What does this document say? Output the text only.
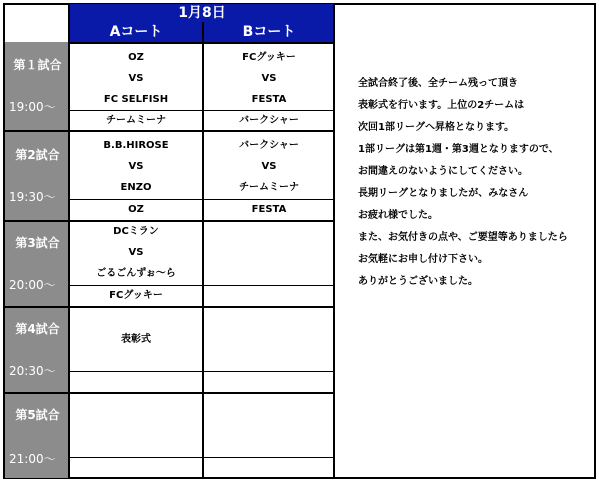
1月8日
Aコート	Bコート
第１試合
19:00～
第2試合
19:30～
第3試合
20:00～
第4試合
20:30～
第5試合
21:00～
OZ
VS
FC SELFISH
チームミーナ
FCグッキー
VS
FESTA
バークシャー
B.B.HIROSE
VS
ENZO
OZ
バークシャー
VS
チームミーナ
FESTA
DCミラン
VS
ごるごんずぉ～ら
FCグッキー
表彰式
全試合終了後、全チーム残って頂き
表彰式を行います。上位の2チームは
次回1部リーグへ昇格となります。
1部リーグは第1週・第3週となりますので、
お間違えのないようにしてください。
長期リーグとなりましたが、みなさん
お疲れ様でした。
また、お気付きの点や、ご要望等ありましたら
お気軽にお申し付け下さい。
ありがとうございました。
